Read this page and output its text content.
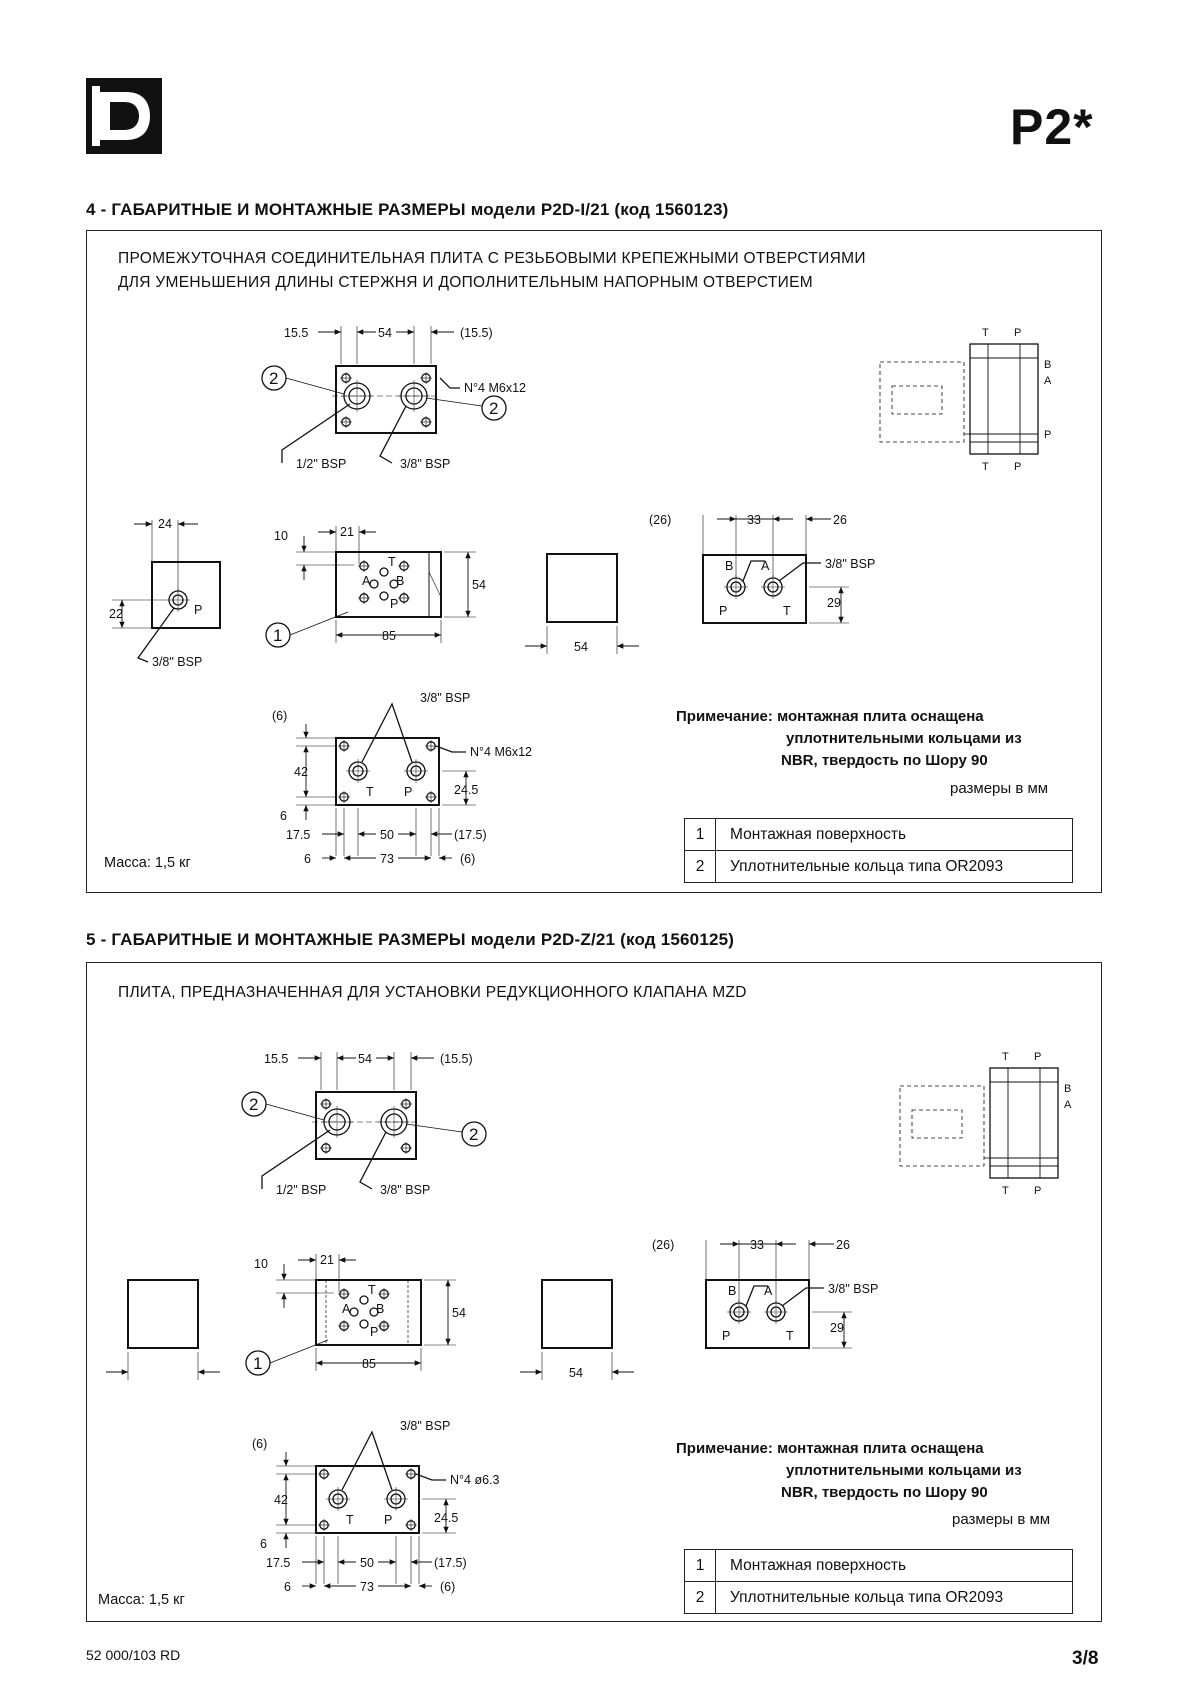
P2*
4 - ГАБАРИТНЫЕ И МОНТАЖНЫЕ РАЗМЕРЫ модели P2D-I/21 (код 1560123)
ПРОМЕЖУТОЧНАЯ СОЕДИНИТЕЛЬНАЯ ПЛИТА С РЕЗЬБОВЫМИ КРЕПЕЖНЫМИ ОТВЕРСТИЯМИ
ДЛЯ УМЕНЬШЕНИЯ ДЛИНЫ СТЕРЖНЯ И ДОПОЛНИТЕЛЬНЫМ НАПОРНЫМ ОТВЕРСТИЕМ
Примечание: монтажная плита оснащена
уплотнительными кольцами из
NBR, твердость по Шору 90
размеры в мм
Масса: 1,5 кг
1	Монтажная поверхность
2	Уплотнительные кольца типа OR2093
5 - ГАБАРИТНЫЕ И МОНТАЖНЫЕ РАЗМЕРЫ модели P2D-Z/21 (код 1560125)
ПЛИТА, ПРЕДНАЗНАЧЕННАЯ ДЛЯ УСТАНОВКИ РЕДУКЦИОННОГО КЛАПАНА MZD
Примечание: монтажная плита оснащена
уплотнительными кольцами из
NBR, твердость по Шору 90
размеры в мм
Масса: 1,5 кг
1	Монтажная поверхность
2	Уплотнительные кольца типа OR2093
52 000/103 RD	3/8
15.5	54	(15.5)
N°4 M6x12
1/2" BSP	3/8" BSP
2
2
P
24
22
3/8" BSP
A B
T
P
21
10
54
85
1
54
B A
P	T
(26)	33	26
3/8" BSP
29
T P
3/8" BSP
N°4 M6x12
(6)
42
6
24.5
17.5	50	(17.5)
6	73	(6)
T P
B
A
P
T P
15.5	54	(15.5)
1/2" BSP	3/8" BSP
2
2
A B
T
P
21
10
54
85
1	54
B A
P	T
(26)	33	26
3/8" BSP
29
T P
3/8" BSP
N°4 ø6.3
(6)
42
6
24.5
17.5	50	(17.5)
6	73	(6)
T P
B
A
T P
